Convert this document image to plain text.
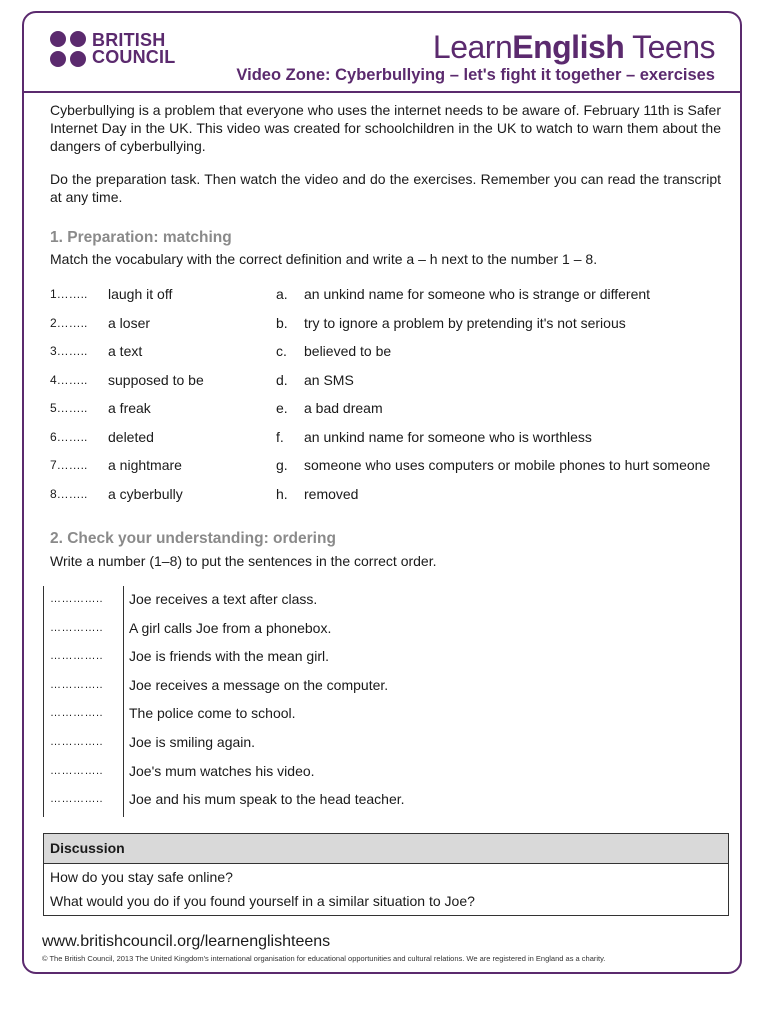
BRITISH
COUNCIL	LearnEnglish Teens
Video Zone: Cyberbullying – let's fight it together – exercises
Cyberbullying is a problem that everyone who uses the internet needs to be aware of. February 11th is Safer Internet Day in the UK. This video was created for schoolchildren in the UK to watch to warn them about the dangers of cyberbullying.
Do the preparation task. Then watch the video and do the exercises. Remember you can read the transcript at any time.
1. Preparation: matching
Match the vocabulary with the correct definition and write a – h next to the number 1 – 8.
1…….. laugh it off	a. an unkind name for someone who is strange or different
2…….. a loser	b. try to ignore a problem by pretending it's not serious
3…….. a text	c. believed to be
4…….. supposed to be	d. an SMS
5…….. a freak	e. a bad dream
6…….. deleted	f. an unkind name for someone who is worthless
7…….. a nightmare	g. someone who uses computers or mobile phones to hurt someone
8…….. a cyberbully	h. removed
2. Check your understanding: ordering
Write a number (1–8) to put the sentences in the correct order.
………….. Joe receives a text after class.
………….. A girl calls Joe from a phonebox.
………….. Joe is friends with the mean girl.
………….. Joe receives a message on the computer.
………….. The police come to school.
………….. Joe is smiling again.
………….. Joe's mum watches his video.
………….. Joe and his mum speak to the head teacher.
Discussion
How do you stay safe online?
What would you do if you found yourself in a similar situation to Joe?
www.britishcouncil.org/learnenglishteens
© The British Council, 2013 The United Kingdom's international organisation for educational opportunities and cultural relations. We are registered in England as a charity.
